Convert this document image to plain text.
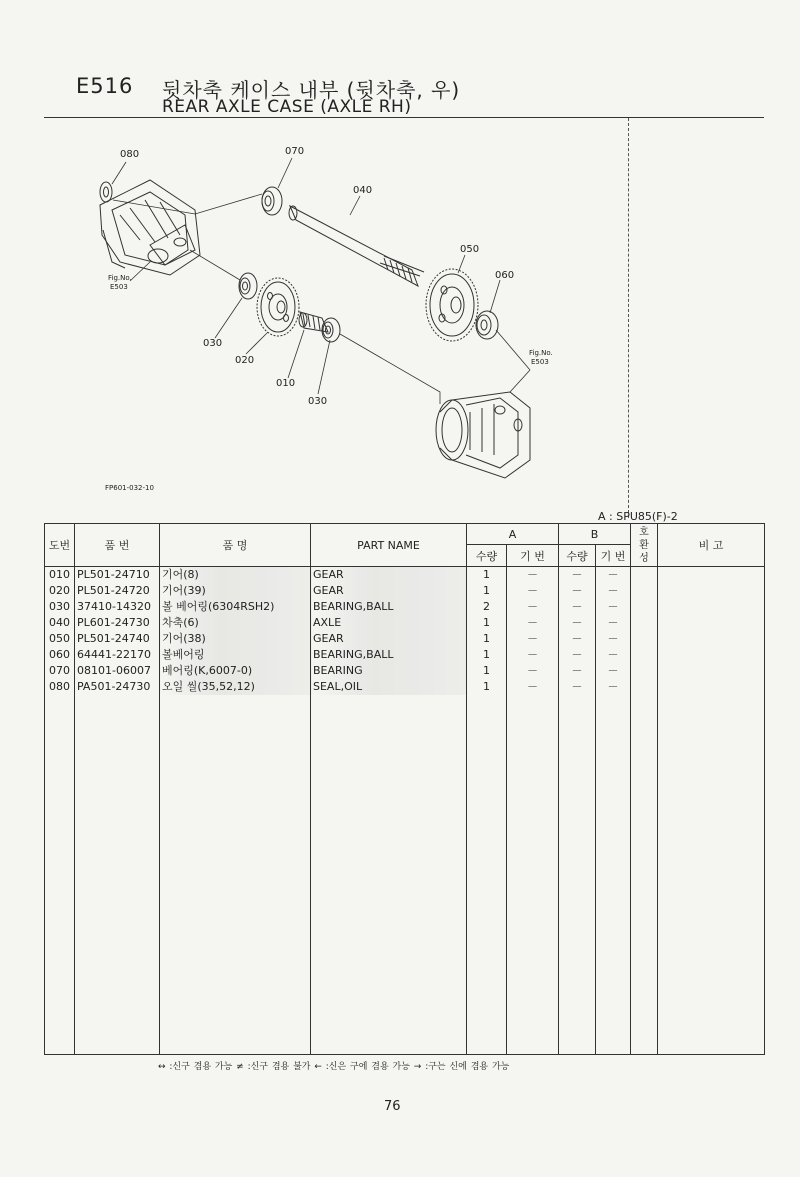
E516 뒷차축 케이스 내부 (뒷차축, 우)
REAR AXLE CASE (AXLE RH)
080	070
040
050
060
030
020
010
030
Fig.No.
E503
Fig.No.
E503
FP601-032-10
A : SPU85(F)-2
도번	품 번	품 명	PART NAME	A		B		호
환
성	비 고
				수량	기 번	수량	기 번		
010	PL501-24710	기어(8)	GEAR	1	－	－	－		
020	PL501-24720	기어(39)	GEAR	1	－	－	－		
030	37410-14320	볼 베어링(6304RSH2)	BEARING,BALL	2	－	－	－		
040	PL601-24730	차축(6)	AXLE	1	－	－	－		
050	PL501-24740	기어(38)	GEAR	1	－	－	－		
060	64441-22170	볼베어링	BEARING,BALL	1	－	－	－		
070	08101-06007	베어링(K,6007-0)	BEARING	1	－	－	－		
080	PA501-24730	오일 씰(35,52,12)	SEAL,OIL	1	－	－	－		

↔ :신구 겸용 가능 ≠ :신구 겸용 불가 ← :신은 구에 겸용 가능 → :구는 신에 겸용 가능
76
